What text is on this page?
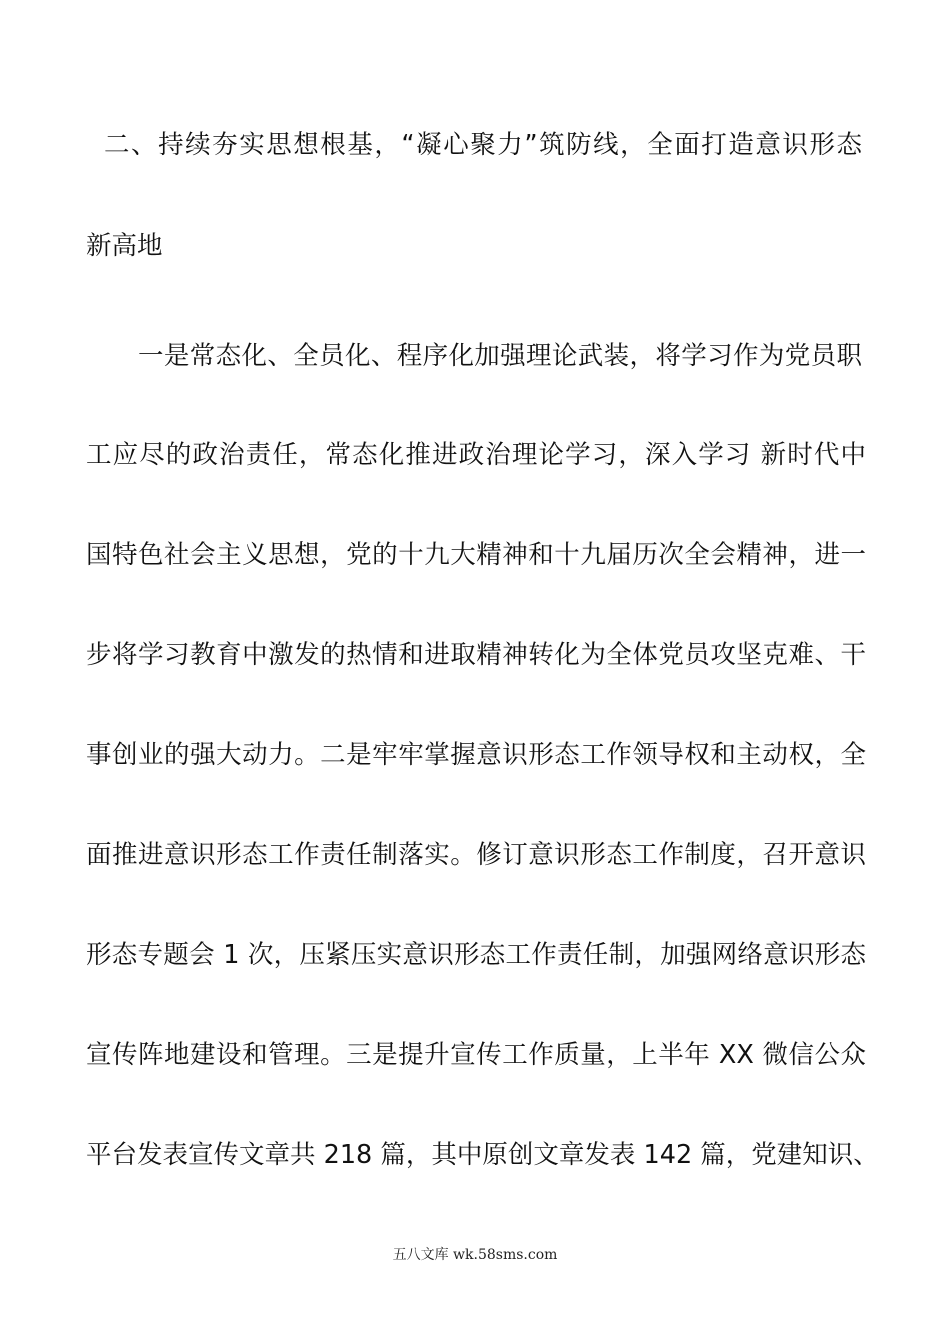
二、持续夯实思想根基，“凝心聚力”筑防线，全面打造意识形态
新高地
一是常态化、全员化、程序化加强理论武装，将学习作为党员职
工应尽的政治责任，常态化推进政治理论学习，深入学习 新时代中
国特色社会主义思想，党的十九大精神和十九届历次全会精神，进一
步将学习教育中激发的热情和进取精神转化为全体党员攻坚克难、干
事创业的强大动力。二是牢牢掌握意识形态工作领导权和主动权，全
面推进意识形态工作责任制落实。修订意识形态工作制度，召开意识
形态专题会 1 次，压紧压实意识形态工作责任制，加强网络意识形态
宣传阵地建设和管理。三是提升宣传工作质量，上半年 XX 微信公众
平台发表宣传文章共 218 篇，其中原创文章发表 142 篇，党建知识、
五八文库 wk.58sms.com
